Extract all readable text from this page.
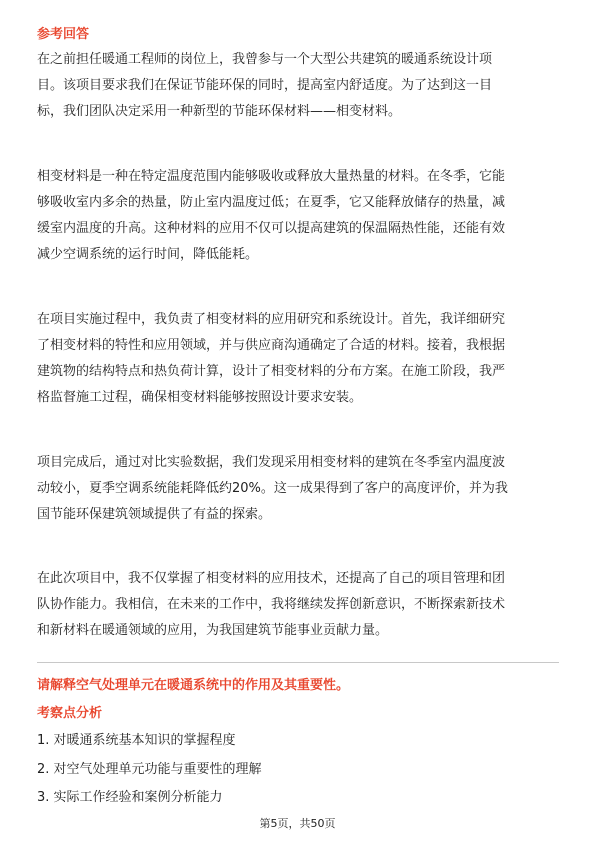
参考回答
在之前担任暖通工程师的岗位上，我曾参与一个大型公共建筑的暖通系统设计项
目。该项目要求我们在保证节能环保的同时，提高室内舒适度。为了达到这一目
标，我们团队决定采用一种新型的节能环保材料——相变材料。
相变材料是一种在特定温度范围内能够吸收或释放大量热量的材料。在冬季，它能
够吸收室内多余的热量，防止室内温度过低；在夏季，它又能释放储存的热量，减
缓室内温度的升高。这种材料的应用不仅可以提高建筑的保温隔热性能，还能有效
减少空调系统的运行时间，降低能耗。
在项目实施过程中，我负责了相变材料的应用研究和系统设计。首先，我详细研究
了相变材料的特性和应用领域，并与供应商沟通确定了合适的材料。接着，我根据
建筑物的结构特点和热负荷计算，设计了相变材料的分布方案。在施工阶段，我严
格监督施工过程，确保相变材料能够按照设计要求安装。
项目完成后，通过对比实验数据，我们发现采用相变材料的建筑在冬季室内温度波
动较小，夏季空调系统能耗降低约20%。这一成果得到了客户的高度评价，并为我
国节能环保建筑领域提供了有益的探索。
在此次项目中，我不仅掌握了相变材料的应用技术，还提高了自己的项目管理和团
队协作能力。我相信，在未来的工作中，我将继续发挥创新意识，不断探索新技术
和新材料在暖通领域的应用，为我国建筑节能事业贡献力量。
请解释空气处理单元在暖通系统中的作用及其重要性。
考察点分析
1. 对暖通系统基本知识的掌握程度
2. 对空气处理单元功能与重要性的理解
3. 实际工作经验和案例分析能力
第5页，共50页
